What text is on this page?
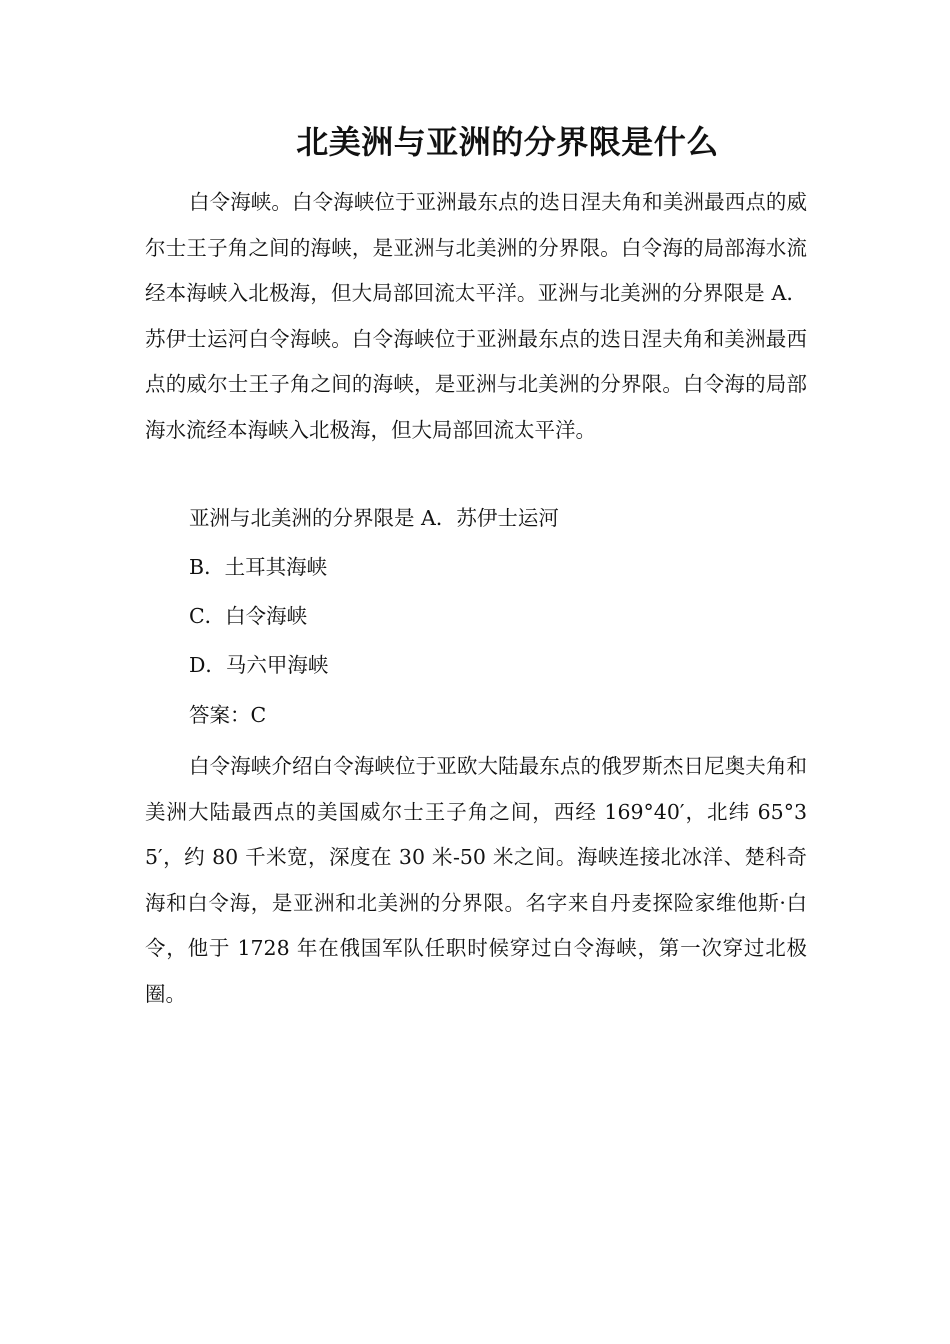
北美洲与亚洲的分界限是什么

白令海峡。白令海峡位于亚洲最东点的迭日涅夫角和美洲最西点的威尔士王子角之间的海峡，是亚洲与北美洲的分界限。白令海的局部海水流经本海峡入北极海，但大局部回流太平洋。亚洲与北美洲的分界限是 A．苏伊士运河白令海峡。白令海峡位于亚洲最东点的迭日涅夫角和美洲最西点的威尔士王子角之间的海峡，是亚洲与北美洲的分界限。白令海的局部海水流经本海峡入北极海，但大局部回流太平洋。

亚洲与北美洲的分界限是 A．苏伊士运河

B．土耳其海峡

C．白令海峡

D．马六甲海峡

答案：C

白令海峡介绍白令海峡位于亚欧大陆最东点的俄罗斯杰日尼奥夫角和美洲大陆最西点的美国威尔士王子角之间，西经 169°40′，北纬 65°35′，约 80 千米宽，深度在 30 米-50 米之间。海峡连接北冰洋、楚科奇海和白令海，是亚洲和北美洲的分界限。名字来自丹麦探险家维他斯·白令，他于 1728 年在俄国军队任职时候穿过白令海峡，第一次穿过北极圈。
